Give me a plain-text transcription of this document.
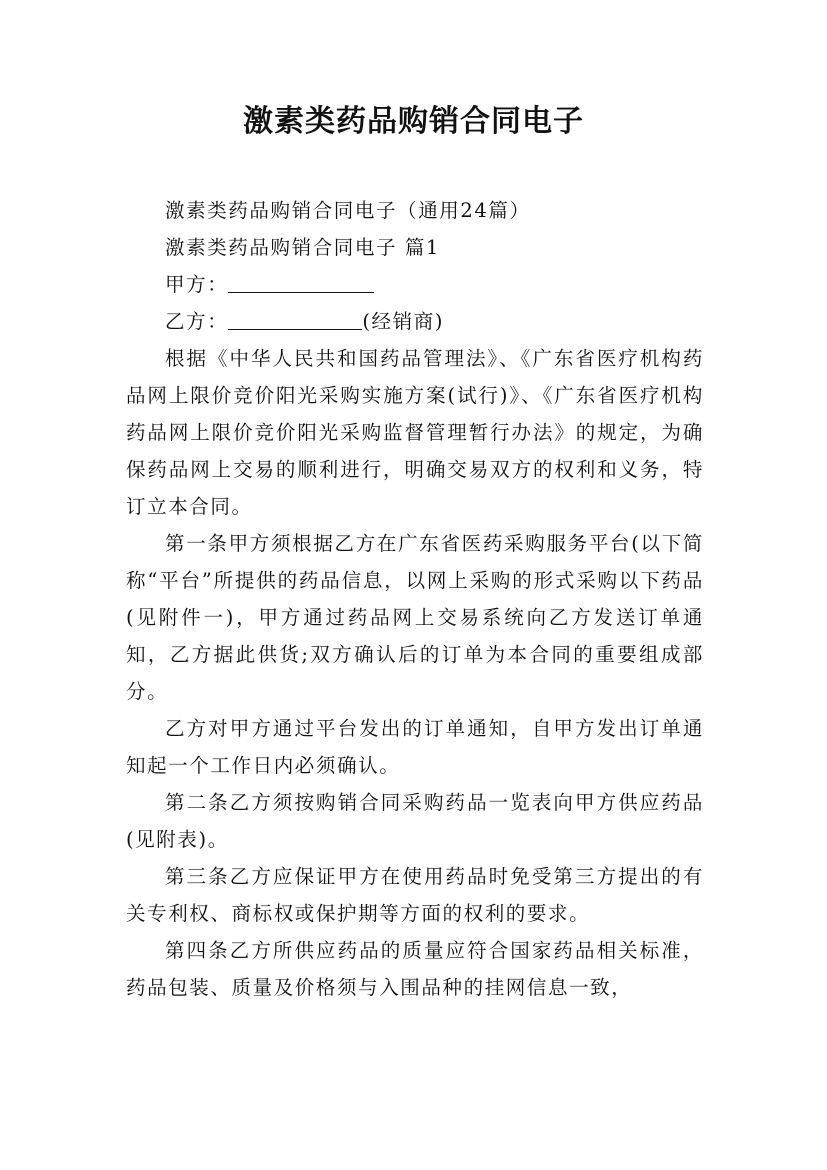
激素类药品购销合同电子

激素类药品购销合同电子（通用24篇）

激素类药品购销合同电子 篇1

甲方：

乙方：	(经销商)

根据《中华人民共和国药品管理法》、《广东省医疗机构药品网上限价竞价阳光采购实施方案(试行)》、《广东省医疗机构药品网上限价竞价阳光采购监督管理暂行办法》的规定，为确保药品网上交易的顺利进行，明确交易双方的权利和义务，特订立本合同。

第一条甲方须根据乙方在广东省医药采购服务平台(以下简称“平台”所提供的药品信息，以网上采购的形式采购以下药品(见附件一)，甲方通过药品网上交易系统向乙方发送订单通知，乙方据此供货;双方确认后的订单为本合同的重要组成部分。

乙方对甲方通过平台发出的订单通知，自甲方发出订单通知起一个工作日内必须确认。

第二条乙方须按购销合同采购药品一览表向甲方供应药品(见附表)。

第三条乙方应保证甲方在使用药品时免受第三方提出的有关专利权、商标权或保护期等方面的权利的要求。

第四条乙方所供应药品的质量应符合国家药品相关标准，药品包装、质量及价格须与入围品种的挂网信息一致，
